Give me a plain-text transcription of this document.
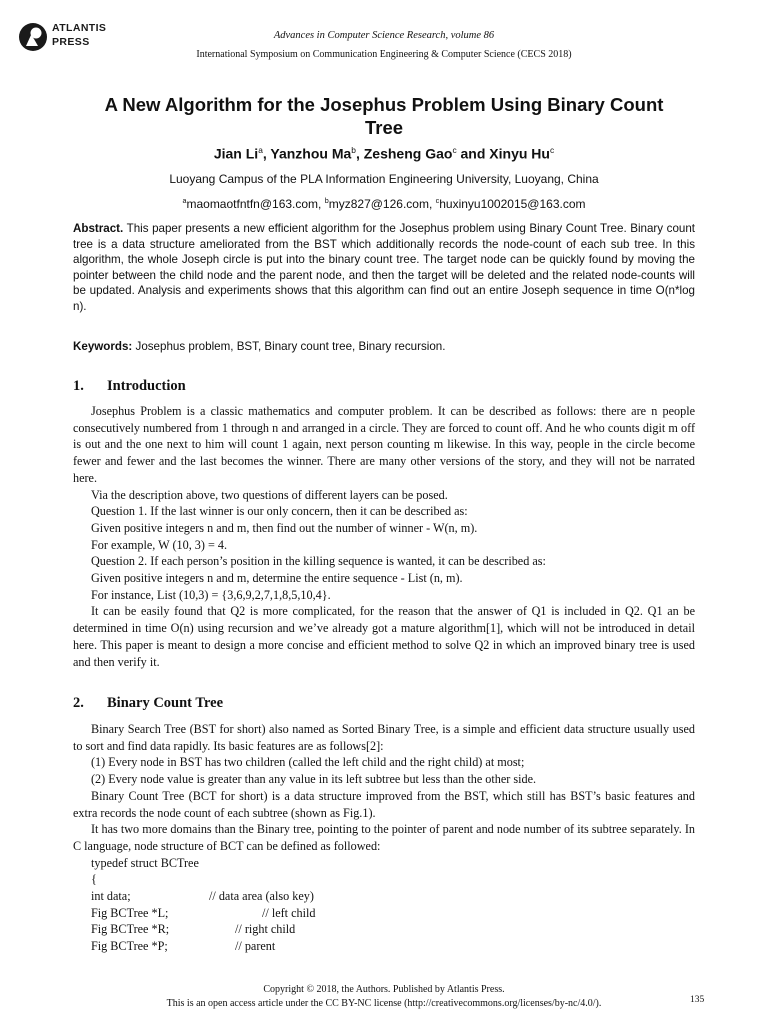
ATLANTIS
PRESS
Advances in Computer Science Research, volume 86
International Symposium on Communication Engineering & Computer Science (CECS 2018)
A New Algorithm for the Josephus Problem Using Binary Count Tree
Jian Li$^a$, Yanzhou Ma$^b$, Zesheng Gao$^c$ and Xinyu Hu$^c$
Luoyang Campus of the PLA Information Engineering University, Luoyang, China
$^a$maomaotfntfn@163.com, $^b$myz827@126.com, $^c$huxinyu1002015@163.com
Abstract. This paper presents a new efficient algorithm for the Josephus problem using Binary Count Tree. Binary count tree is a data structure ameliorated from the BST which additionally records the node-count of each sub tree. In this algorithm, the whole Joseph circle is put into the binary count tree. The target node can be quickly found by moving the pointer between the child node and the parent node, and then the target will be deleted and the related node-counts will be updated. Analysis and experiments shows that this algorithm can find out an entire Joseph sequence in time O(n*log n).
Keywords: Josephus problem, BST, Binary count tree, Binary recursion.
1. Introduction

Josephus Problem is a classic mathematics and computer problem. It can be described as follows: there are n people consecutively numbered from 1 through n and arranged in a circle. They are forced to count off. And he who counts digit m off is out and the one next to him will count 1 again, next person counting m likewise. In this way, people in the circle become fewer and fewer and the last becomes the winner. There are many other versions of the story, and they will not be narrated here.

Via the description above, two questions of different layers can be posed.

Question 1. If the last winner is our only concern, then it can be described as:

Given positive integers n and m, then find out the number of winner - W(n, m).

For example, W (10, 3) = 4.

Question 2. If each person’s position in the killing sequence is wanted, it can be described as:

Given positive integers n and m, determine the entire sequence - List (n, m).

For instance, List (10,3) = {3,6,9,2,7,1,8,5,10,4}.

It can be easily found that Q2 is more complicated, for the reason that the answer of Q1 is included in Q2. Q1 an be determined in time O(n) using recursion and we’ve already got a mature algorithm[1], which will not be introduced in detail here. This paper is meant to design a more concise and efficient method to solve Q2 in which an improved binary tree is used and then verify it.

2. Binary Count Tree

Binary Search Tree (BST for short) also named as Sorted Binary Tree, is a simple and efficient data structure usually used to sort and find data rapidly. Its basic features are as follows[2]:

(1) Every node in BST has two children (called the left child and the right child) at most;

(2) Every node value is greater than any value in its left subtree but less than the other side.

Binary Count Tree (BCT for short) is a data structure improved from the BST, which still has BST’s basic features and extra records the node count of each subtree (shown as Fig.1).

It has two more domains than the Binary tree, pointing to the pointer of parent and node number of its subtree separately. In C language, node structure of BCT can be defined as followed:

typedef struct BCTree
{
int data;	// data area (also key)
Fig BCTree *L;	// left child
Fig BCTree *R;	// right child
Fig BCTree *P;	// parent
Copyright © 2018, the Authors. Published by Atlantis Press.
This is an open access article under the CC BY-NC license (http://creativecommons.org/licenses/by-nc/4.0/).	135
